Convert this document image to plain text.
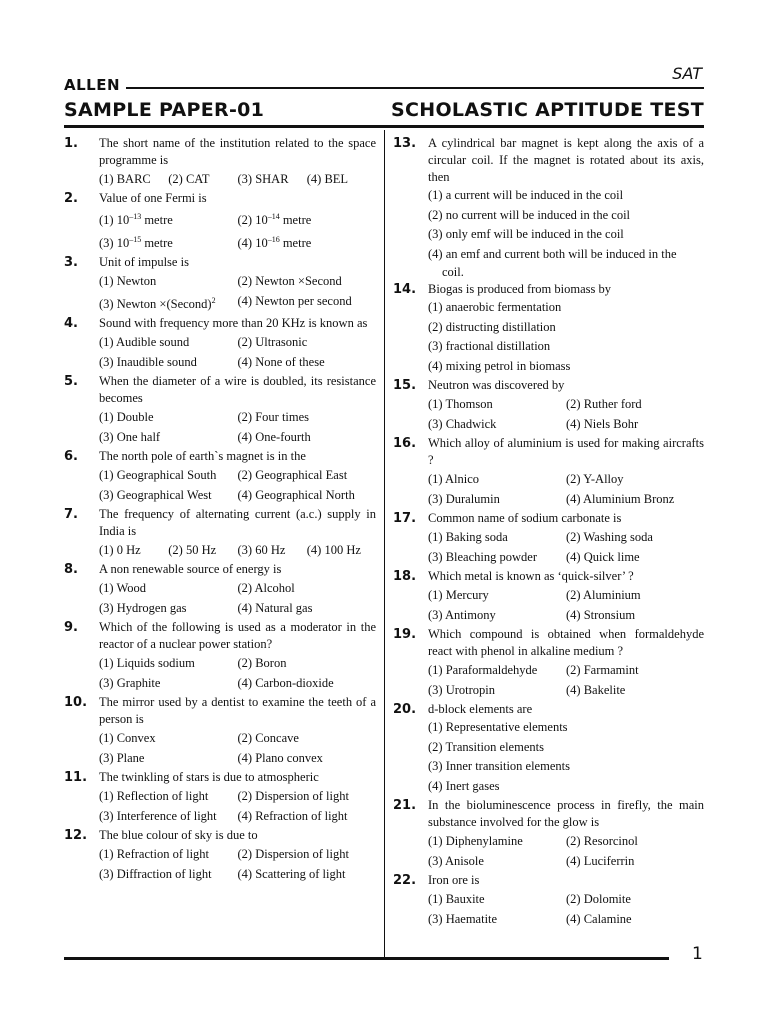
ALLEN
SAT
SAMPLE PAPER-01	SCHOLASTIC APTITUDE TEST
1. The short name of the institution related to the space programme is
(1) BARC	(2) CAT	(3) SHAR	(4) BEL
2. Value of one Fermi is
(1) $10^{-13}$ metre	(2) $10^{-14}$ metre
(3) $10^{-15}$ metre	(4) $10^{-16}$ metre
3. Unit of impulse is
(1) Newton	(2) Newton ×Second
(3) Newton ×(Second)$^2$	(4) Newton per second
4. Sound with frequency more than 20 KHz is known as
(1) Audible sound	(2) Ultrasonic
(3) Inaudible sound	(4) None of these
5. When the diameter of a wire is doubled, its resistance becomes
(1) Double	(2) Four times
(3) One half	(4) One-fourth
6. The north pole of earth`s magnet is in the
(1) Geographical South	(2) Geographical East
(3) Geographical West	(4) Geographical North
7. The frequency of alternating current (a.c.) supply in India is
(1) 0 Hz	(2) 50 Hz	(3) 60 Hz	(4) 100 Hz
8. A non renewable source of energy is
(1) Wood	(2) Alcohol
(3) Hydrogen gas	(4) Natural gas
9. Which of the following is used as a moderator in the reactor of a nuclear power station?
(1) Liquids sodium	(2) Boron
(3) Graphite	(4) Carbon-dioxide
10. The mirror used by a dentist to examine the teeth of a person is
(1) Convex	(2) Concave
(3) Plane	(4) Plano convex
11. The twinkling of stars is due to atmospheric
(1) Reflection of light	(2) Dispersion of light
(3) Interference of light	(4) Refraction of light
12. The blue colour of sky is due to
(1) Refraction of light	(2) Dispersion of light
(3) Diffraction of light	(4) Scattering of light
13. A cylindrical bar magnet is kept along the axis of a circular coil. If the magnet is rotated about its axis, then
(1) a current will be induced in the coil
(2) no current will be induced in the coil
(3) only emf will be induced in the coil
(4) an emf and current both will be induced in the
coil.
14. Biogas is produced from biomass by
(1) anaerobic fermentation
(2) distructing distillation
(3) fractional distillation
(4) mixing petrol in biomass
15. Neutron was discovered by
(1) Thomson	(2) Ruther ford
(3) Chadwick	(4) Niels Bohr
16. Which alloy of aluminium is used for making aircrafts ?
(1) Alnico	(2) Y-Alloy
(3) Duralumin	(4) Aluminium Bronz
17. Common name of sodium carbonate is
(1) Baking soda	(2) Washing soda
(3) Bleaching powder	(4) Quick lime
18. Which metal is known as ‘quick-silver’ ?
(1) Mercury	(2) Aluminium
(3) Antimony	(4) Stronsium
19. Which compound is obtained when formaldehyde react with phenol in alkaline medium ?
(1) Paraformaldehyde	(2) Farmamint
(3) Urotropin	(4) Bakelite
20. d-block elements are
(1) Representative elements
(2) Transition elements
(3) Inner transition elements
(4) Inert gases
21. In the bioluminescence process in firefly, the main substance involved for the glow is
(1) Diphenylamine	(2) Resorcinol
(3) Anisole	(4) Luciferrin
22. Iron ore is
(1) Bauxite	(2) Dolomite
(3) Haematite	(4) Calamine
1
